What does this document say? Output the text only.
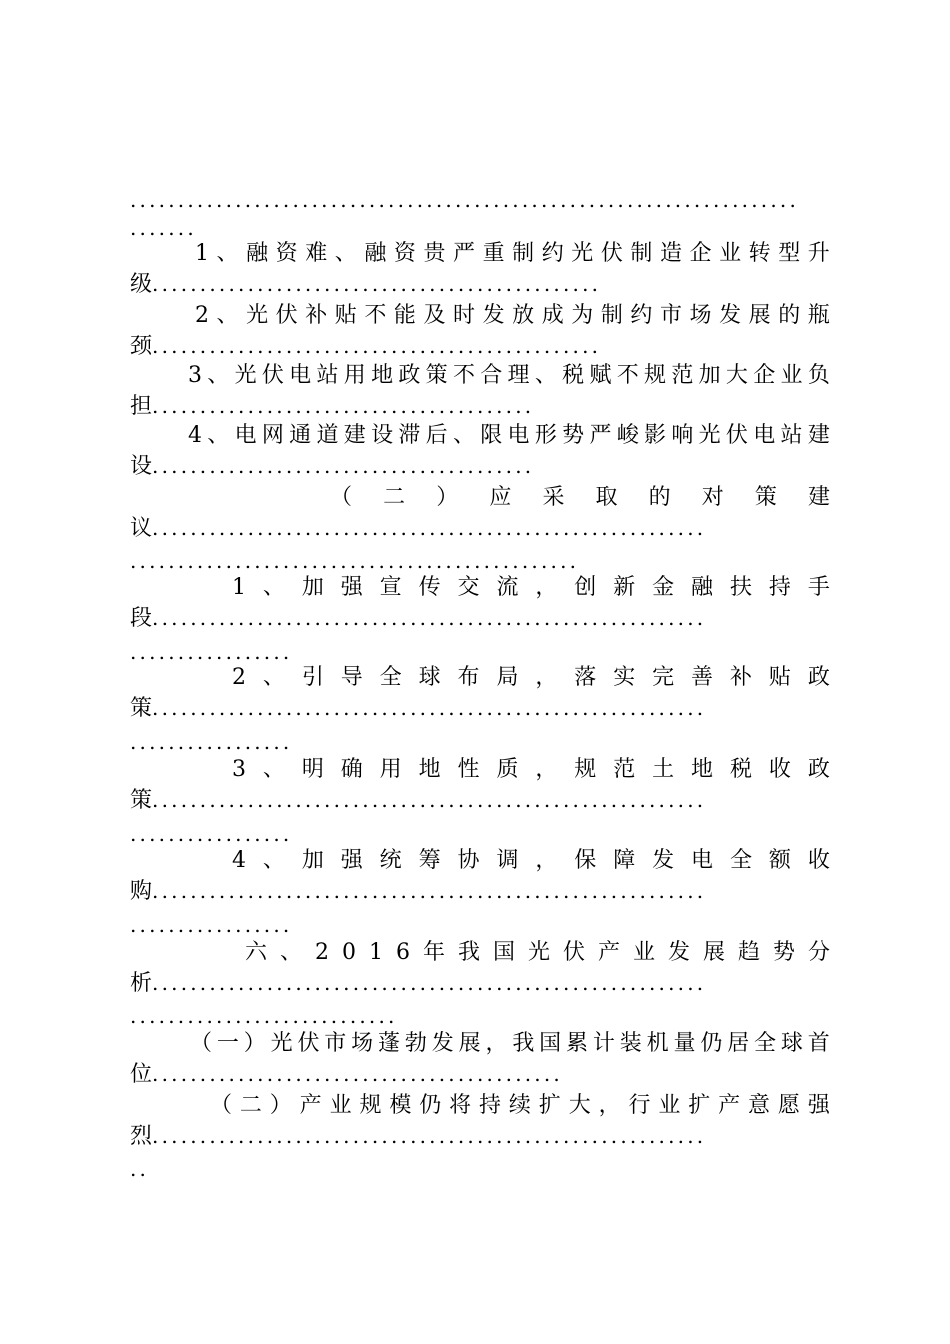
......................................................................
.......
1 、 融 资 难 、 融 资 贵 严 重 制 约 光 伏 制 造 企 业 转 型 升
级...............................................
2 、 光 伏 补 贴 不 能 及 时 发 放 成 为 制 约 市 场 发 展 的 瓶
颈...............................................
3 、 光 伏 电 站 用 地 政 策 不 合 理 、 税 赋 不 规 范 加 大 企 业 负
担........................................
4 、 电 网 通 道 建 设 滞 后 、 限 电 形 势 严 峻 影 响 光 伏 电 站 建
设........................................
（ 二 ） 应 采 取 的 对 策 建
议..........................................................
...............................................
1 、 加 强 宣 传 交 流 ， 创 新 金 融 扶 持 手
段..........................................................
.................
2 、 引 导 全 球 布 局 ， 落 实 完 善 补 贴 政
策..........................................................
.................
3 、 明 确 用 地 性 质 ， 规 范 土 地 税 收 政
策..........................................................
.................
4 、 加 强 统 筹 协 调 ， 保 障 发 电 全 额 收
购..........................................................
.................
六 、 2 0 1 6 年 我 国 光 伏 产 业 发 展 趋 势 分
析..........................................................
............................
（ 一 ） 光 伏 市 场 蓬 勃 发 展 ， 我 国 累 计 装 机 量 仍 居 全 球 首
位...........................................
（ 二 ） 产 业 规 模 仍 将 持 续 扩 大 ， 行 业 扩 产 意 愿 强
烈..........................................................
..
